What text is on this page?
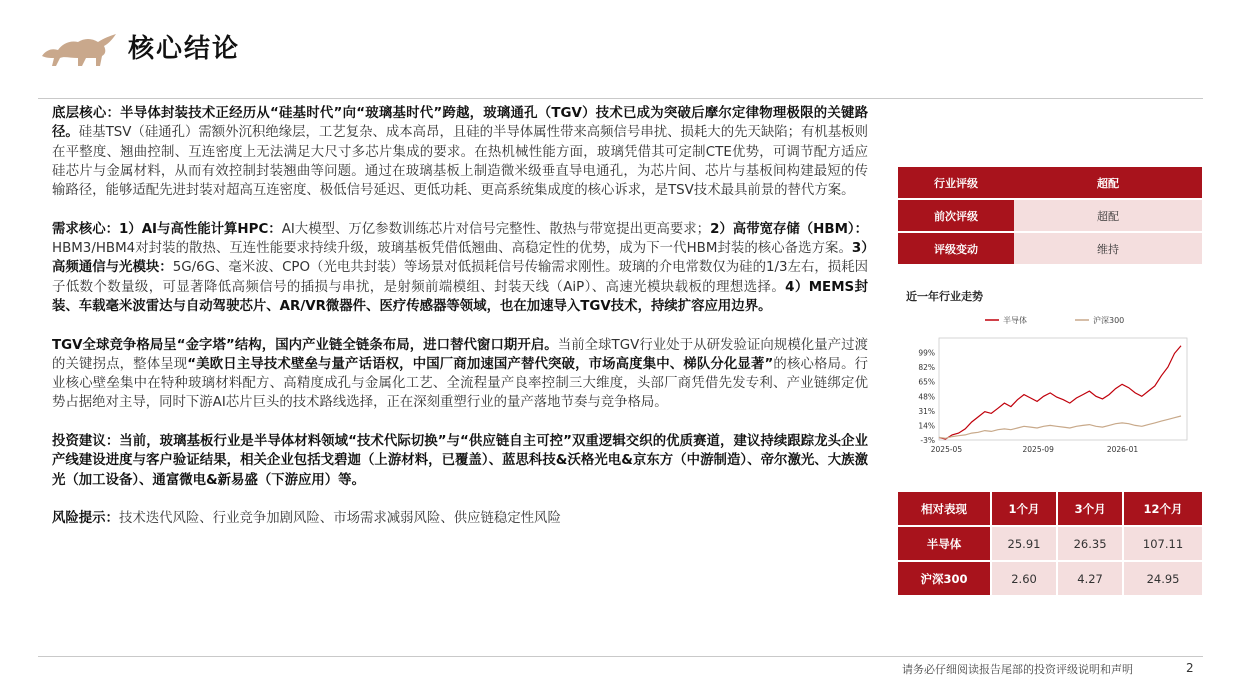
核心结论

底层核心：半导体封装技术正经历从“硅基时代”向“玻璃基时代”跨越，玻璃通孔（TGV）技术已成为突破后摩尔定律物理极限的关键路径。硅基TSV（硅通孔）需额外沉积绝缘层，工艺复杂、成本高昂，且硅的半导体属性带来高频信号串扰、损耗大的先天缺陷；有机基板则在平整度、翘曲控制、互连密度上无法满足大尺寸多芯片集成的要求。在热机械性能方面，玻璃凭借其可定制CTE优势，可调节配方适应硅芯片与金属材料，从而有效控制封装翘曲等问题。通过在玻璃基板上制造微米级垂直导电通孔，为芯片间、芯片与基板间构建最短的传输路径，能够适配先进封装对超高互连密度、极低信号延迟、更低功耗、更高系统集成度的核心诉求，是TSV技术最具前景的替代方案。

需求核心：1）AI与高性能计算HPC：AI大模型、万亿参数训练芯片对信号完整性、散热与带宽提出更高要求；2）高带宽存储（HBM）：HBM3/HBM4对封装的散热、互连性能要求持续升级，玻璃基板凭借低翘曲、高稳定性的优势，成为下一代HBM封装的核心备选方案。3）高频通信与光模块：5G/6G、毫米波、CPO（光电共封装）等场景对低损耗信号传输需求刚性。玻璃的介电常数仅为硅的1/3左右，损耗因子低数个数量级，可显著降低高频信号的插损与串扰，是射频前端模组、封装天线（AiP）、高速光模块载板的理想选择。4）MEMS封装、车载毫米波雷达与自动驾驶芯片、AR/VR微器件、医疗传感器等领域，也在加速导入TGV技术，持续扩容应用边界。

TGV全球竞争格局呈“金字塔”结构，国内产业链全链条布局，进口替代窗口期开启。当前全球TGV行业处于从研发验证向规模化量产过渡的关键拐点，整体呈现“美欧日主导技术壁垒与量产话语权，中国厂商加速国产替代突破，市场高度集中、梯队分化显著”的核心格局。行业核心壁垒集中在特种玻璃材料配方、高精度成孔与金属化工艺、全流程量产良率控制三大维度，头部厂商凭借先发专利、产业链绑定优势占据绝对主导，同时下游AI芯片巨头的技术路线选择，正在深刻重塑行业的量产落地节奏与竞争格局。

投资建议：当前，玻璃基板行业是半导体材料领域“技术代际切换”与“供应链自主可控”双重逻辑交织的优质赛道，建议持续跟踪龙头企业产线建设进度与客户验证结果，相关企业包括戈碧迦（上游材料，已覆盖）、蓝思科技&沃格光电&京东方（中游制造）、帝尔激光、大族激光（加工设备）、通富微电&新易盛（下游应用）等。

风险提示：技术迭代风险、行业竞争加剧风险、市场需求减弱风险、供应链稳定性风险

行业评级	超配
前次评级	超配
评级变动	维持
近一年行业走势
半导体	沪深300
99%
82%
65%
48%
31%
14%
-3%
2025-05	2025-09	2026-01
相对表现	1个月	3个月	12个月
半导体	25.91	26.35	107.11
沪深300	2.60	4.27	24.95
请务必仔细阅读报告尾部的投资评级说明和声明	2
